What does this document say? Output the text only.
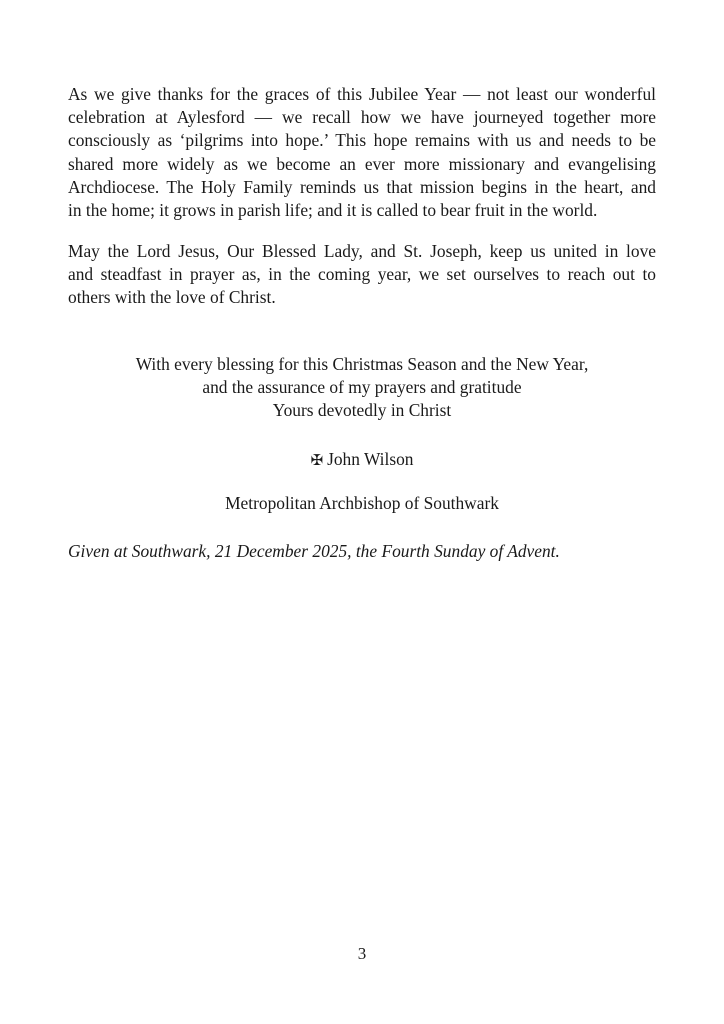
As we give thanks for the graces of this Jubilee Year — not least our wonderful
celebration at Aylesford — we recall how we have journeyed together more
consciously as ‘pilgrims into hope.’ This hope remains with us and needs to be
shared more widely as we become an ever more missionary and evangelising
Archdiocese. The Holy Family reminds us that mission begins in the heart, and
in the home; it grows in parish life; and it is called to bear fruit in the world.

May the Lord Jesus, Our Blessed Lady, and St. Joseph, keep us united in love
and steadfast in prayer as, in the coming year, we set ourselves to reach out to
others with the love of Christ.

With every blessing for this Christmas Season and the New Year,
and the assurance of my prayers and gratitude
Yours devotedly in Christ

✠ John Wilson

Metropolitan Archbishop of Southwark

Given at Southwark, 21 December 2025, the Fourth Sunday of Advent.

3
